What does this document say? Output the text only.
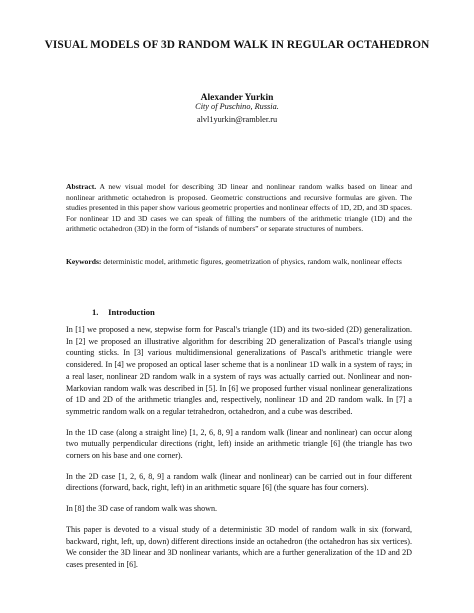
VISUAL MODELS OF 3D RANDOM WALK IN REGULAR OCTAHEDRON
Alexander Yurkin
City of Puschino, Russia.
alvl1yurkin@rambler.ru
Abstract. A new visual model for describing 3D linear and nonlinear random walks based on linear and nonlinear arithmetic octahedron is proposed. Geometric constructions and recursive formulas are given. The studies presented in this paper show various geometric properties and nonlinear effects of 1D, 2D, and 3D spaces. For nonlinear 1D and 3D cases we can speak of filling the numbers of the arithmetic triangle (1D) and the arithmetic octahedron (3D) in the form of “islands of numbers” or separate structures of numbers.
Keywords: deterministic model, arithmetic figures, geometrization of physics, random walk, nonlinear effects
1. Introduction

In [1] we proposed a new, stepwise form for Pascal's triangle (1D) and its two-sided (2D) generalization. In [2] we proposed an illustrative algorithm for describing 2D generalization of Pascal's triangle using counting sticks. In [3] various multidimensional generalizations of Pascal's arithmetic triangle were considered. In [4] we proposed an optical laser scheme that is a nonlinear 1D walk in a system of rays; in a real laser, nonlinear 2D random walk in a system of rays was actually carried out. Nonlinear and non-Markovian random walk was described in [5]. In [6] we proposed further visual nonlinear generalizations of 1D and 2D of the arithmetic triangles and, respectively, nonlinear 1D and 2D random walk. In [7] a symmetric random walk on a regular tetrahedron, octahedron, and a cube was described.

In the 1D case (along a straight line) [1, 2, 6, 8, 9] a random walk (linear and nonlinear) can occur along two mutually perpendicular directions (right, left) inside an arithmetic triangle [6] (the triangle has two corners on his base and one corner).

In the 2D case [1, 2, 6, 8, 9] a random walk (linear and nonlinear) can be carried out in four different directions (forward, back, right, left) in an arithmetic square [6] (the square has four corners).

In [8] the 3D case of random walk was shown.

This paper is devoted to a visual study of a deterministic 3D model of random walk in six (forward, backward, right, left, up, down) different directions inside an octahedron (the octahedron has six vertices). We consider the 3D linear and 3D nonlinear variants, which are a further generalization of the 1D and 2D cases presented in [6].
